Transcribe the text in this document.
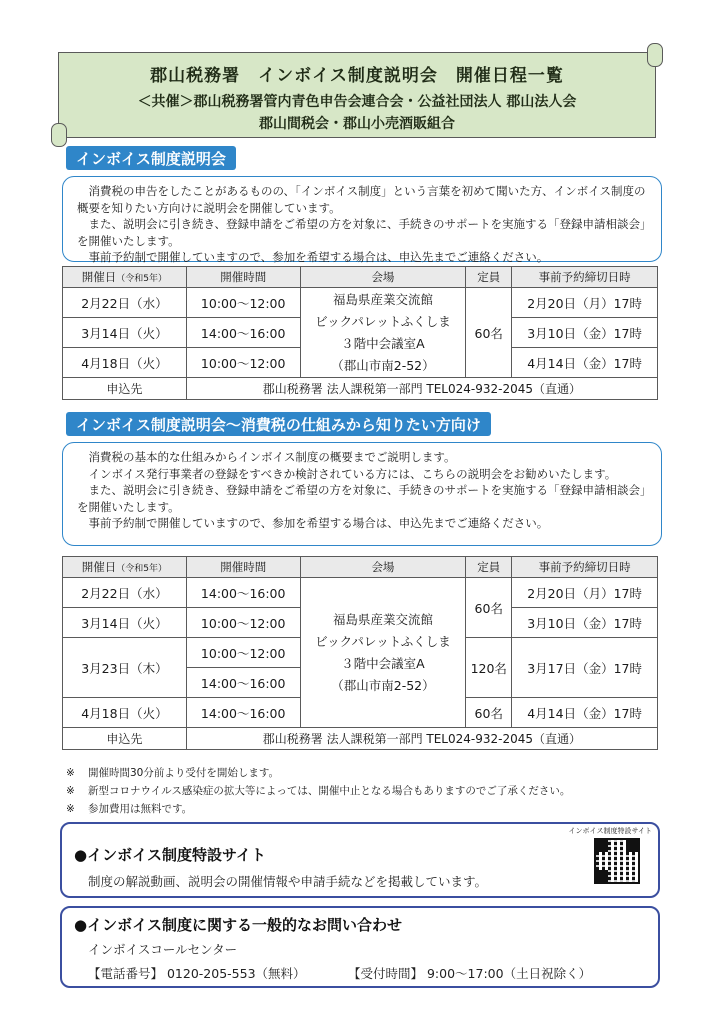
郡山税務署　インボイス制度説明会　開催日程一覧
＜共催＞郡山税務署管内青色申告会連合会・公益社団法人 郡山法人会
郡山間税会・郡山小売酒販組合
インボイス制度説明会

消費税の申告をしたことがあるものの、「インボイス制度」という言葉を初めて聞いた方、インボイス制度の概要を知りたい方向けに説明会を開催しています。

また、説明会に引き続き、登録申請をご希望の方を対象に、手続きのサポートを実施する「登録申請相談会」を開催いたします。

事前予約制で開催していますので、参加を希望する場合は、申込先までご連絡ください。

開催日（令和5年）	開催時間	会場	定員	事前予約締切日時
2月22日（水）	10:00～12:00	福島県産業交流館
ビックパレットふくしま
３階中会議室A
（郡山市南2-52）	60名	2月20日（月）17時
3月14日（火）	14:00～16:00			3月10日（金）17時
4月18日（火）	10:00～12:00			4月14日（金）17時
申込先	郡山税務署 法人課税第一部門 TEL024-932-2045（直通）			
インボイス制度説明会～消費税の仕組みから知りたい方向け

消費税の基本的な仕組みからインボイス制度の概要までご説明します。

インボイス発行事業者の登録をすべきか検討されている方には、こちらの説明会をお勧めいたします。

また、説明会に引き続き、登録申請をご希望の方を対象に、手続きのサポートを実施する「登録申請相談会」を開催いたします。

事前予約制で開催していますので、参加を希望する場合は、申込先までご連絡ください。

開催日（令和5年）	開催時間	会場	定員	事前予約締切日時
2月22日（水）	14:00～16:00	福島県産業交流館
ビックパレットふくしま
３階中会議室A
（郡山市南2-52）	60名	2月20日（月）17時
3月14日（火）	10:00～12:00			3月10日（金）17時
3月23日（木）	10:00～12:00		120名	3月17日（金）17時
	14:00～16:00			
4月18日（火）	14:00～16:00		60名	4月14日（金）17時
申込先	郡山税務署 法人課税第一部門 TEL024-932-2045（直通）			
※ 開催時間30分前より受付を開始します。
※ 新型コロナウイルス感染症の拡大等によっては、開催中止となる場合もありますのでご了承ください。
※ 参加費用は無料です。
●インボイス制度特設サイト
制度の解説動画、説明会の開催情報や申請手続などを掲載しています。
インボイス制度特設サイト
●インボイス制度に関する一般的なお問い合わせ
インボイスコールセンター
【電話番号】 0120-205-553（無料）	【受付時間】 9:00～17:00（土日祝除く）
